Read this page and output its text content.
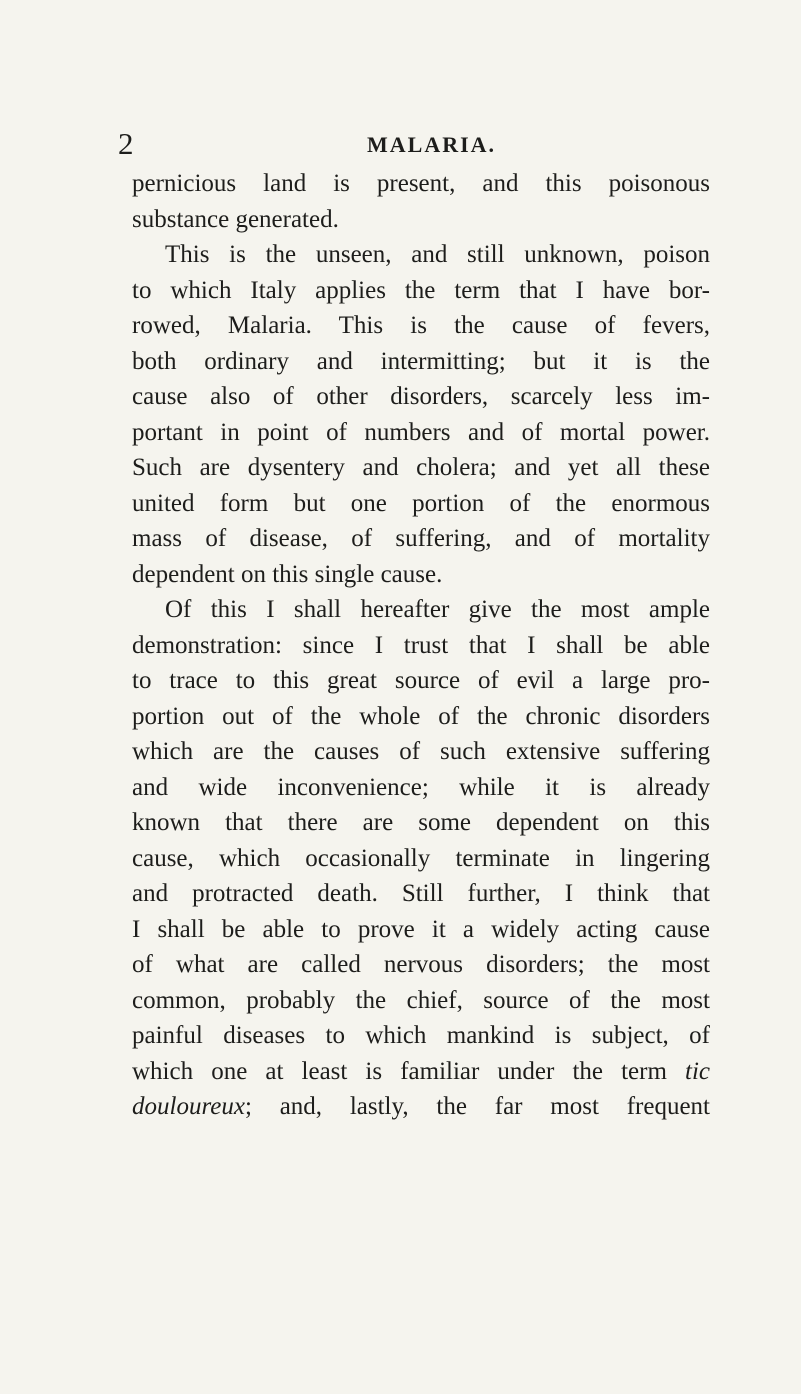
2	MALARIA.
pernicious land is present, and this poisonous
substance generated.
This is the unseen, and still unknown, poison
to which Italy applies the term that I have bor-
rowed, Malaria. This is the cause of fevers,
both ordinary and intermitting; but it is the
cause also of other disorders, scarcely less im-
portant in point of numbers and of mortal power.
Such are dysentery and cholera; and yet all these
united form but one portion of the enormous
mass of disease, of suffering, and of mortality
dependent on this single cause.
Of this I shall hereafter give the most ample
demonstration: since I trust that I shall be able
to trace to this great source of evil a large pro-
portion out of the whole of the chronic disorders
which are the causes of such extensive suffering
and wide inconvenience; while it is already
known that there are some dependent on this
cause, which occasionally terminate in lingering
and protracted death. Still further, I think that
I shall be able to prove it a widely acting cause
of what are called nervous disorders; the most
common, probably the chief, source of the most
painful diseases to which mankind is subject, of
which one at least is familiar under the term tic
douloureux; and, lastly, the far most frequent
